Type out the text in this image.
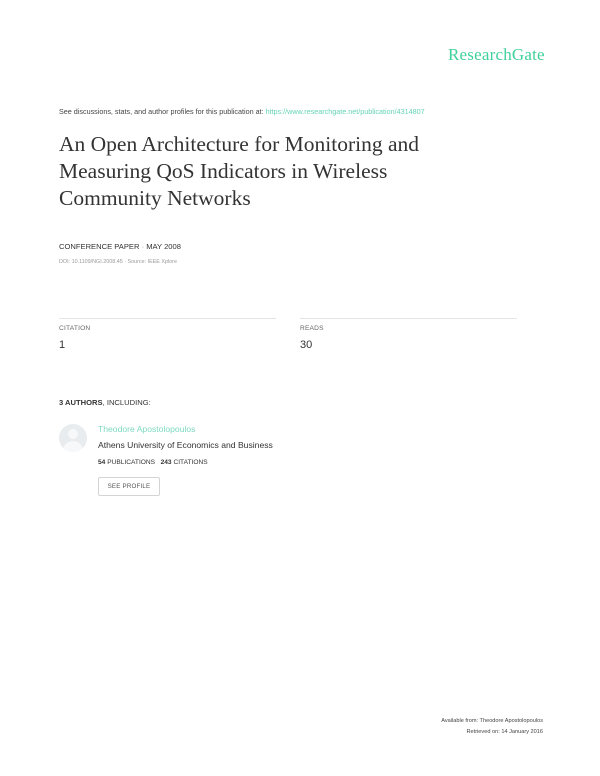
ResearchGate
See discussions, stats, and author profiles for this publication at: https://www.researchgate.net/publication/4314807
An Open Architecture for Monitoring and
Measuring QoS Indicators in Wireless
Community Networks
CONFERENCE PAPER · MAY 2008
DOI: 10.1109/NGI.2008.45 · Source: IEEE Xplore
CITATION
1
READS
30
3 AUTHORS, INCLUDING:
Theodore Apostolopoulos
Athens University of Economics and Business
54 PUBLICATIONS 243 CITATIONS
SEE PROFILE
Available from: Theodore Apostolopoulos
Retrieved on: 14 January 2016
